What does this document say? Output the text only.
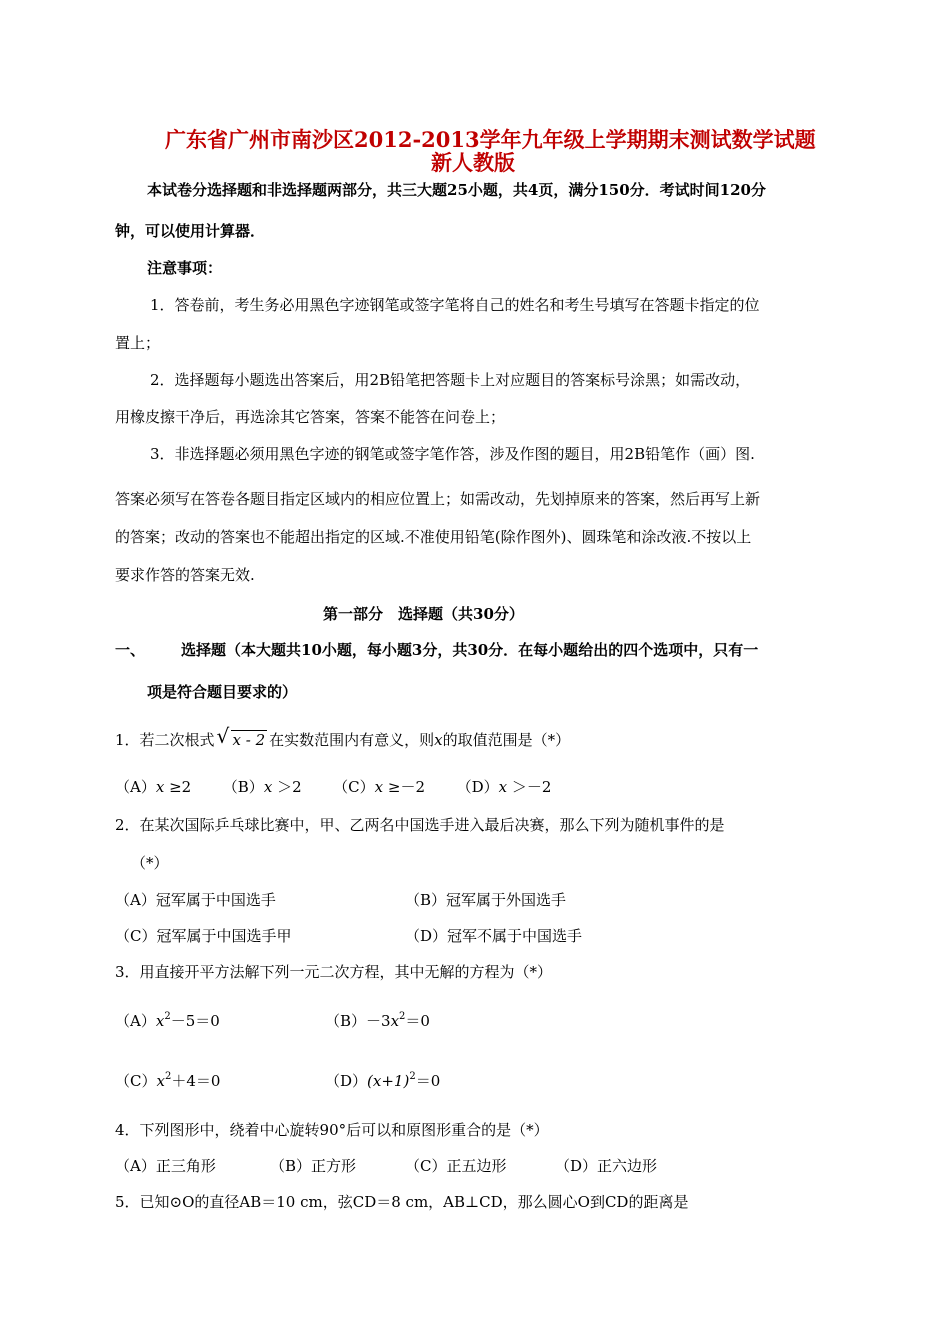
广东省广州市南沙区2012-2013学年九年级上学期期末测试数学试题
新人教版
本试卷分选择题和非选择题两部分，共三大题25小题，共4页，满分150分．考试时间120分
钟，可以使用计算器．
注意事项：
1．答卷前，考生务必用黑色字迹钢笔或签字笔将自己的姓名和考生号填写在答题卡指定的位
置上；
2．选择题每小题选出答案后，用2B铅笔把答题卡上对应题目的答案标号涂黑；如需改动，
用橡皮擦干净后，再选涂其它答案，答案不能答在问卷上；
3．非选择题必须用黑色字迹的钢笔或签字笔作答，涉及作图的题目，用2B铅笔作（画）图.
答案必须写在答卷各题目指定区域内的相应位置上；如需改动，先划掉原来的答案，然后再写上新
的答案；改动的答案也不能超出指定的区域.不准使用铅笔(除作图外)、圆珠笔和涂改液.不按以上
要求作答的答案无效.
第一部分　选择题（共30分）
一、 选择题（本大题共10小题，每小题3分，共30分．在每小题给出的四个选项中，只有一
项是符合题目要求的）
1．若二次根式 √ x - 2 在实数范围内有意义，则x的取值范围是（*）
（A）x ≥2 （B）x ＞2 （C）x ≥－2 （D）x ＞－2
2．在某次国际乒乓球比赛中，甲、乙两名中国选手进入最后决赛，那么下列为随机事件的是
（*）
（A）冠军属于中国选手	（B）冠军属于外国选手
（C）冠军属于中国选手甲	（D）冠军不属于中国选手
3．用直接开平方法解下列一元二次方程，其中无解的方程为（*）
$(A)x^2-5=0$	$(B)-3x^2=0$
$(C)x^2+4=0$	$(D)(x+1)^2=0$
4．下列图形中，绕着中心旋转90°后可以和原图形重合的是（*）
（A）正三角形	（B）正方形	（C）正五边形	（D）正六边形
5．已知⊙O的直径AB＝10 cm，弦CD＝8 cm，AB⊥CD，那么圆心O到CD的距离是
